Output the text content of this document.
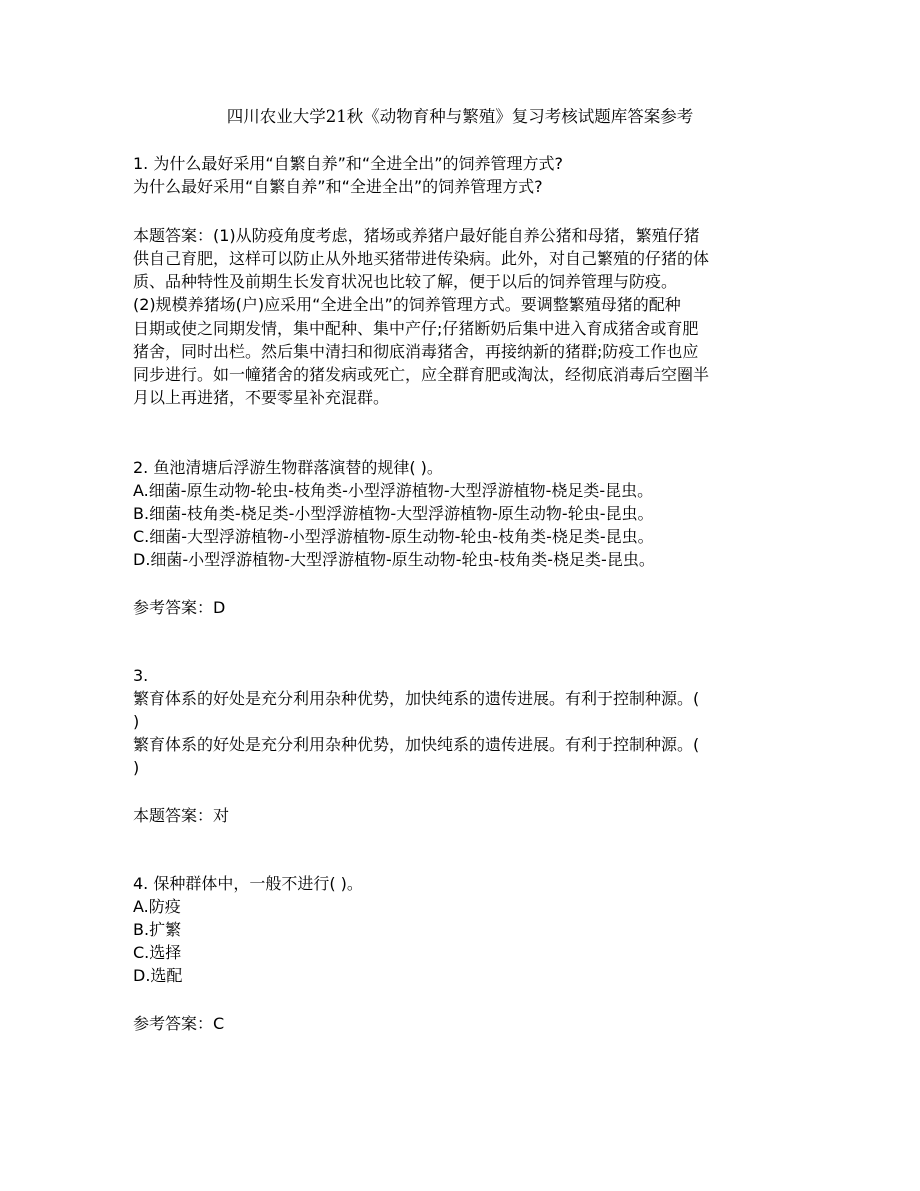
四川农业大学21秋《动物育种与繁殖》复习考核试题库答案参考
1. 为什么最好采用“自繁自养”和“全进全出”的饲养管理方式?
为什么最好采用“自繁自养”和“全进全出”的饲养管理方式?
本题答案：(1)从防疫角度考虑，猪场或养猪户最好能自养公猪和母猪，繁殖仔猪
供自己育肥，这样可以防止从外地买猪带进传染病。此外，对自己繁殖的仔猪的体
质、品种特性及前期生长发育状况也比较了解，便于以后的饲养管理与防疫。
(2)规模养猪场(户)应采用“全进全出”的饲养管理方式。要调整繁殖母猪的配种
日期或使之同期发情，集中配种、集中产仔;仔猪断奶后集中进入育成猪舍或育肥
猪舍，同时出栏。然后集中清扫和彻底消毒猪舍，再接纳新的猪群;防疫工作也应
同步进行。如一幢猪舍的猪发病或死亡，应全群育肥或淘汰，经彻底消毒后空圈半
月以上再进猪，不要零星补充混群。
2. 鱼池清塘后浮游生物群落演替的规律( )。
A.细菌-原生动物-轮虫-枝角类-小型浮游植物-大型浮游植物-桡足类-昆虫。
B.细菌-枝角类-桡足类-小型浮游植物-大型浮游植物-原生动物-轮虫-昆虫。
C.细菌-大型浮游植物-小型浮游植物-原生动物-轮虫-枝角类-桡足类-昆虫。
D.细菌-小型浮游植物-大型浮游植物-原生动物-轮虫-枝角类-桡足类-昆虫。
参考答案：D
3.
繁育体系的好处是充分利用杂种优势，加快纯系的遗传进展。有利于控制种源。(
)
繁育体系的好处是充分利用杂种优势，加快纯系的遗传进展。有利于控制种源。(
)
本题答案：对
4. 保种群体中，一般不进行( )。
A.防疫
B.扩繁
C.选择
D.选配
参考答案：C
